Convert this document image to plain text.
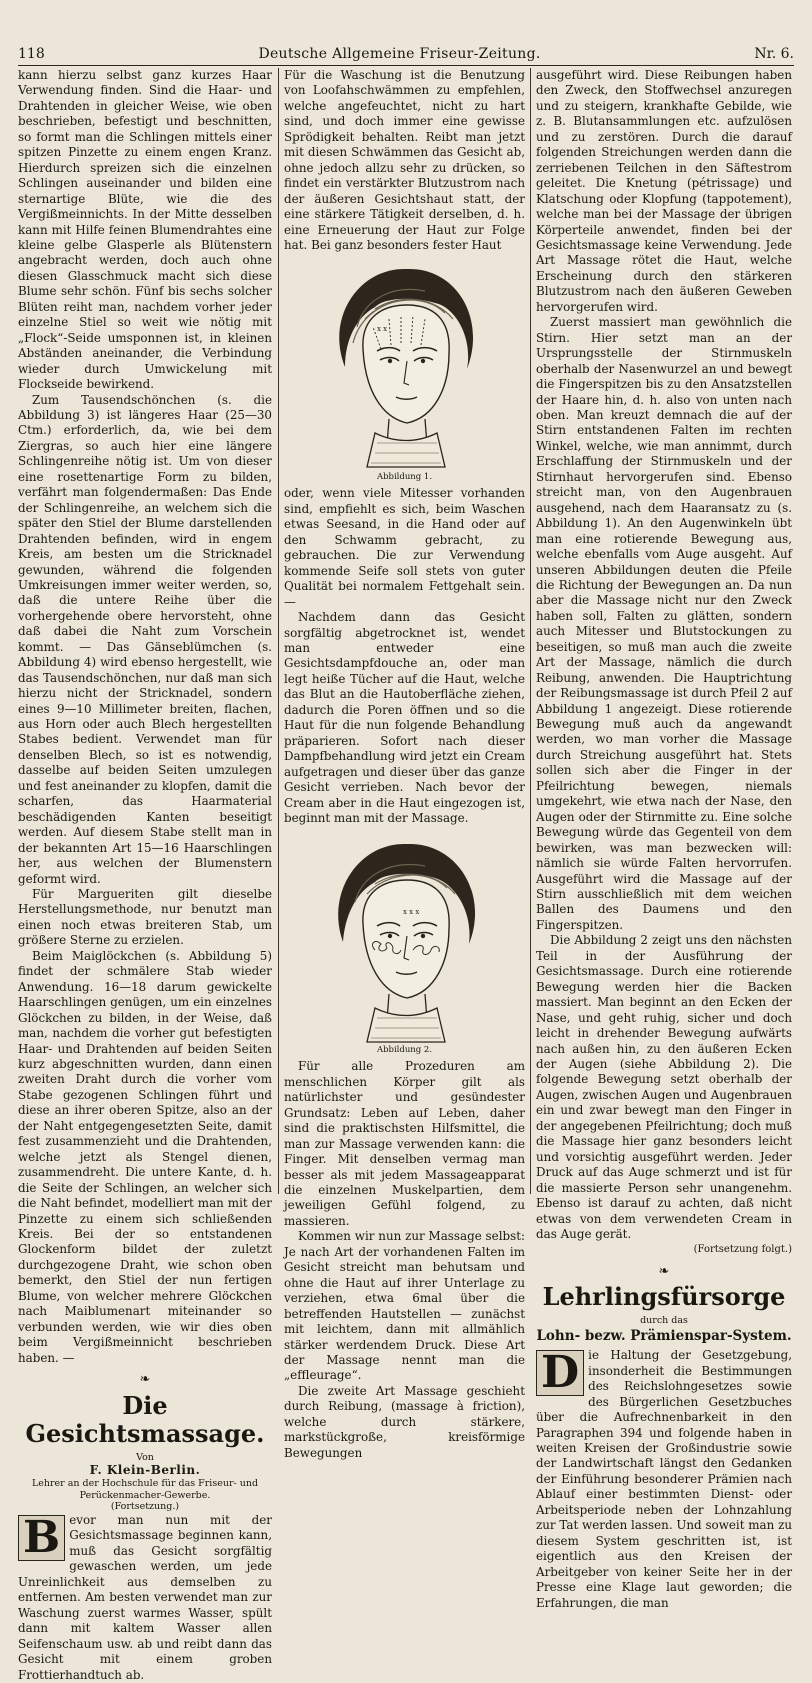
118	Deutsche Allgemeine Friseur-Zeitung.	Nr. 6.

kann hierzu selbst ganz kurzes Haar Verwendung finden. Sind die Haar- und Drahtenden in gleicher Weise, wie oben beschrieben, befestigt und beschnitten, so formt man die Schlingen mittels einer spitzen Pinzette zu einem engen Kranz. Hierdurch spreizen sich die einzelnen Schlingen auseinander und bilden eine sternartige Blüte, wie die des Vergißmeinnichts. In der Mitte desselben kann mit Hilfe feinen Blumendrahtes eine kleine gelbe Glasperle als Blütenstern angebracht werden, doch auch ohne diesen Glasschmuck macht sich diese Blume sehr schön. Fünf bis sechs solcher Blüten reiht man, nachdem vorher jeder einzelne Stiel so weit wie nötig mit „Flock“-Seide umsponnen ist, in kleinen Abständen aneinander, die Verbindung wieder durch Umwickelung mit Flockseide bewirkend.

Zum Tausendschönchen (s. die Abbildung 3) ist längeres Haar (25—30 Ctm.) erforderlich, da, wie bei dem Ziergras, so auch hier eine längere Schlingenreihe nötig ist. Um von dieser eine rosettenartige Form zu bilden, verfährt man folgendermaßen: Das Ende der Schlingenreihe, an welchem sich die später den Stiel der Blume darstellenden Drahtenden befinden, wird in engem Kreis, am besten um die Stricknadel gewunden, während die folgenden Umkreisungen immer weiter werden, so, daß die untere Reihe über die vorhergehende obere hervorsteht, ohne daß dabei die Naht zum Vorschein kommt. — Das Gänseblümchen (s. Abbildung 4) wird ebenso hergestellt, wie das Tausendschönchen, nur daß man sich hierzu nicht der Stricknadel, sondern eines 9—10 Millimeter breiten, flachen, aus Horn oder auch Blech hergestellten Stabes bedient. Verwendet man für denselben Blech, so ist es notwendig, dasselbe auf beiden Seiten umzulegen und fest aneinander zu klopfen, damit die scharfen, das Haarmaterial beschädigenden Kanten beseitigt werden. Auf diesem Stabe stellt man in der bekannten Art 15—16 Haarschlingen her, aus welchen der Blumenstern geformt wird.

Für Margueriten gilt dieselbe Herstellungsmethode, nur benutzt man einen noch etwas breiteren Stab, um größere Sterne zu erzielen.

Beim Maiglöckchen (s. Abbildung 5) findet der schmälere Stab wieder Anwendung. 16—18 darum gewickelte Haarschlingen genügen, um ein einzelnes Glöckchen zu bilden, in der Weise, daß man, nachdem die vorher gut befestigten Haar- und Drahtenden auf beiden Seiten kurz abgeschnitten wurden, dann einen zweiten Draht durch die vorher vom Stabe gezogenen Schlingen führt und diese an ihrer oberen Spitze, also an der der Naht entgegengesetzten Seite, damit fest zusammenzieht und die Drahtenden, welche jetzt als Stengel dienen, zusammendreht. Die untere Kante, d. h. die Seite der Schlingen, an welcher sich die Naht befindet, modelliert man mit der Pinzette zu einem sich schließenden Kreis. Bei der so entstandenen Glockenform bildet der zuletzt durchgezogene Draht, wie schon oben bemerkt, den Stiel der nun fertigen Blume, von welcher mehrere Glöckchen nach Maiblumenart miteinander so verbunden werden, wie wir dies oben beim Vergißmeinnicht beschrieben haben. —

❧
Die Gesichtsmassage.
Von
F. Klein-Berlin.
Lehrer an der Hochschule für das Friseur- und Perückenmacher-Gewerbe.
(Fortsetzung.)

B evor man nun mit der Gesichtsmassage beginnen kann, muß das Gesicht sorgfältig gewaschen werden, um jede Unreinlichkeit aus demselben zu entfernen. Am besten verwendet man zur Waschung zuerst warmes Wasser, spült dann mit kaltem Wasser allen Seifenschaum usw. ab und reibt dann das Gesicht mit einem groben Frottierhandtuch ab.

Für die Waschung ist die Benutzung von Loofahschwämmen zu empfehlen, welche angefeuchtet, nicht zu hart sind, und doch immer eine gewisse Sprödigkeit behalten. Reibt man jetzt mit diesen Schwämmen das Gesicht ab, ohne jedoch allzu sehr zu drücken, so findet ein verstärkter Blutzustrom nach der äußeren Gesichtshaut statt, der eine stärkere Tätigkeit derselben, d. h. eine Erneuerung der Haut zur Folge hat. Bei ganz besonders fester Haut

x x
Abbildung 1.

oder, wenn viele Mitesser vorhanden sind, empfiehlt es sich, beim Waschen etwas Seesand, in die Hand oder auf den Schwamm gebracht, zu gebrauchen. Die zur Verwendung kommende Seife soll stets von guter Qualität bei normalem Fettgehalt sein. —

Nachdem dann das Gesicht sorgfältig abgetrocknet ist, wendet man entweder eine Gesichtsdampfdouche an, oder man legt heiße Tücher auf die Haut, welche das Blut an die Hautoberfläche ziehen, dadurch die Poren öffnen und so die Haut für die nun folgende Behandlung präparieren. Sofort nach dieser Dampfbehandlung wird jetzt ein Cream aufgetragen und dieser über das ganze Gesicht verrieben. Nach bevor der Cream aber in die Haut eingezogen ist, beginnt man mit der Massage.

x x x
Abbildung 2.

Für alle Prozeduren am menschlichen Körper gilt als natürlichster und gesündester Grundsatz: Leben auf Leben, daher sind die praktischsten Hilfsmittel, die man zur Massage verwenden kann: die Finger. Mit denselben vermag man besser als mit jedem Massageapparat die einzelnen Muskelpartien, dem jeweiligen Gefühl folgend, zu massieren.

Kommen wir nun zur Massage selbst: Je nach Art der vorhandenen Falten im Gesicht streicht man behutsam und ohne die Haut auf ihrer Unterlage zu verziehen, etwa 6mal über die betreffenden Hautstellen — zunächst mit leichtem, dann mit allmählich stärker werdendem Druck. Diese Art der Massage nennt man die „effleurage“.

Die zweite Art Massage geschieht durch Reibung, (massage à friction), welche durch stärkere, markstückgroße, kreisförmige Bewegungen

ausgeführt wird. Diese Reibungen haben den Zweck, den Stoffwechsel anzuregen und zu steigern, krankhafte Gebilde, wie z. B. Blutansammlungen etc. aufzulösen und zu zerstören. Durch die darauf folgenden Streichungen werden dann die zerriebenen Teilchen in den Säftestrom geleitet. Die Knetung (pétrissage) und Klatschung oder Klopfung (tappotement), welche man bei der Massage der übrigen Körperteile anwendet, finden bei der Gesichtsmassage keine Verwendung. Jede Art Massage rötet die Haut, welche Erscheinung durch den stärkeren Blutzustrom nach den äußeren Geweben hervorgerufen wird.

Zuerst massiert man gewöhnlich die Stirn. Hier setzt man an der Ursprungsstelle der Stirnmuskeln oberhalb der Nasenwurzel an und bewegt die Fingerspitzen bis zu den Ansatzstellen der Haare hin, d. h. also von unten nach oben. Man kreuzt demnach die auf der Stirn entstandenen Falten im rechten Winkel, welche, wie man annimmt, durch Erschlaffung der Stirnmuskeln und der Stirnhaut hervorgerufen sind. Ebenso streicht man, von den Augenbrauen ausgehend, nach dem Haaransatz zu (s. Abbildung 1). An den Augenwinkeln übt man eine rotierende Bewegung aus, welche ebenfalls vom Auge ausgeht. Auf unseren Abbildungen deuten die Pfeile die Richtung der Bewegungen an. Da nun aber die Massage nicht nur den Zweck haben soll, Falten zu glätten, sondern auch Mitesser und Blutstockungen zu beseitigen, so muß man auch die zweite Art der Massage, nämlich die durch Reibung, anwenden. Die Hauptrichtung der Reibungsmassage ist durch Pfeil 2 auf Abbildung 1 angezeigt. Diese rotierende Bewegung muß auch da angewandt werden, wo man vorher die Massage durch Streichung ausgeführt hat. Stets sollen sich aber die Finger in der Pfeilrichtung bewegen, niemals umgekehrt, wie etwa nach der Nase, den Augen oder der Stirnmitte zu. Eine solche Bewegung würde das Gegenteil von dem bewirken, was man bezwecken will: nämlich sie würde Falten hervorrufen. Ausgeführt wird die Massage auf der Stirn ausschließlich mit dem weichen Ballen des Daumens und den Fingerspitzen.

Die Abbildung 2 zeigt uns den nächsten Teil in der Ausführung der Gesichtsmassage. Durch eine rotierende Bewegung werden hier die Backen massiert. Man beginnt an den Ecken der Nase, und geht ruhig, sicher und doch leicht in drehender Bewegung aufwärts nach außen hin, zu den äußeren Ecken der Augen (siehe Abbildung 2). Die folgende Bewegung setzt oberhalb der Augen, zwischen Augen und Augenbrauen ein und zwar bewegt man den Finger in der angegebenen Pfeilrichtung; doch muß die Massage hier ganz besonders leicht und vorsichtig ausgeführt werden. Jeder Druck auf das Auge schmerzt und ist für die massierte Person sehr unangenehm. Ebenso ist darauf zu achten, daß nicht etwas von dem verwendeten Cream in das Auge gerät.

(Fortsetzung folgt.)
❧
Lehrlingsfürsorge
durch das
Lohn- bezw. Prämienspar-System.

D ie Haltung der Gesetzgebung, insonderheit die Bestimmungen des Reichslohngesetzes sowie des Bürgerlichen Gesetzbuches über die Aufrechnenbarkeit in den Paragraphen 394 und folgende haben in weiten Kreisen der Großindustrie sowie der Landwirtschaft längst den Gedanken der Einführung besonderer Prämien nach Ablauf einer bestimmten Dienst- oder Arbeitsperiode neben der Lohnzahlung zur Tat werden lassen. Und soweit man zu diesem System geschritten ist, ist eigentlich aus den Kreisen der Arbeitgeber von keiner Seite her in der Presse eine Klage laut geworden; die Erfahrungen, die man
